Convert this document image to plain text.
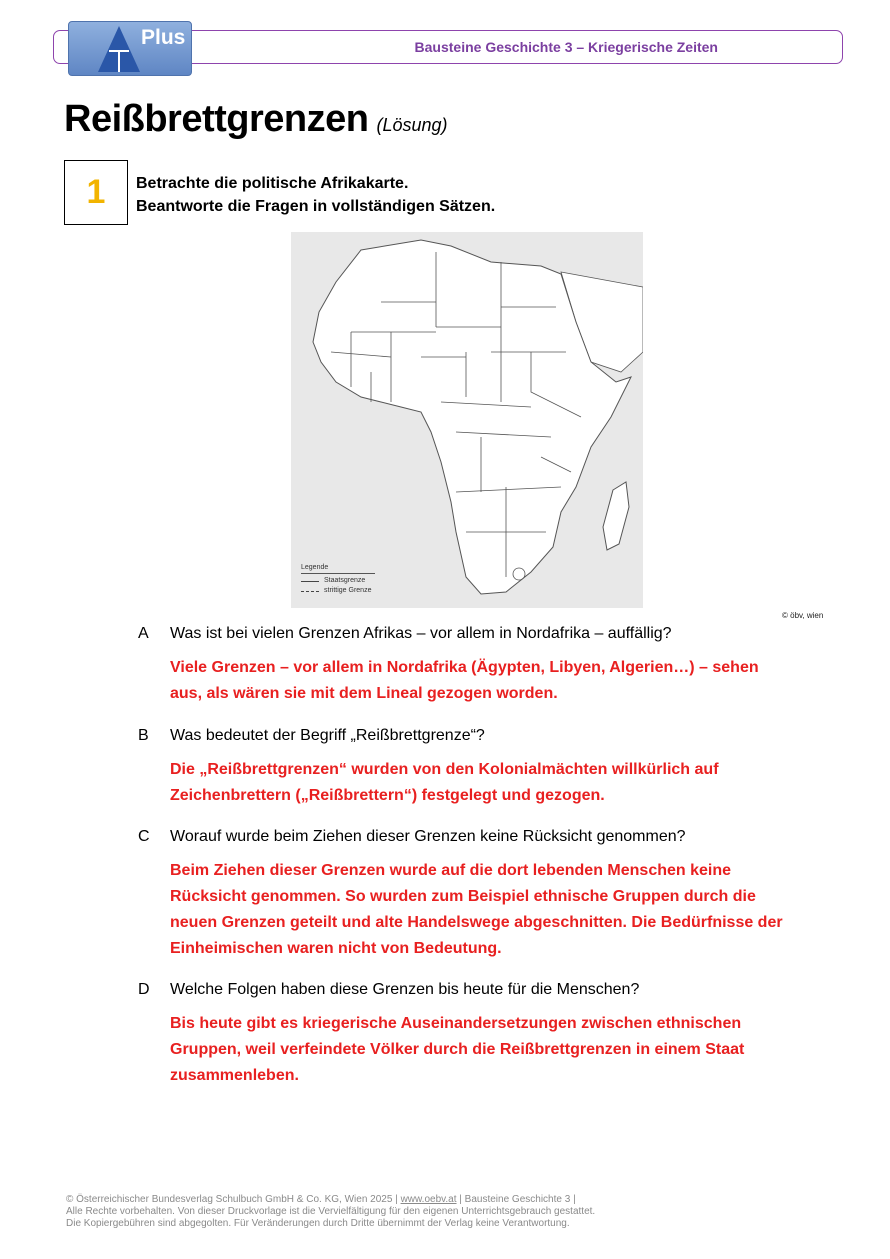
Plus	Bausteine Geschichte 3 – Kriegerische Zeiten
Reißbrettgrenzen (Lösung)
1	Betrachte die politische Afrikakarte.
Beantworte die Fragen in vollständigen Sätzen.
Legende
Staatsgrenze
strittige Grenze
© öbv, wien
A Was ist bei vielen Grenzen Afrikas – vor allem in Nordafrika – auffällig?
Viele Grenzen – vor allem in Nordafrika (Ägypten, Libyen, Algerien…) – sehen
aus, als wären sie mit dem Lineal gezogen worden.
B Was bedeutet der Begriff „Reißbrettgrenze“?
Die „Reißbrettgrenzen“ wurden von den Kolonialmächten willkürlich auf
Zeichenbrettern („Reißbrettern“) festgelegt und gezogen.
C Worauf wurde beim Ziehen dieser Grenzen keine Rücksicht genommen?
Beim Ziehen dieser Grenzen wurde auf die dort lebenden Menschen keine
Rücksicht genommen. So wurden zum Beispiel ethnische Gruppen durch die
neuen Grenzen geteilt und alte Handelswege abgeschnitten. Die Bedürfnisse der
Einheimischen waren nicht von Bedeutung.
D Welche Folgen haben diese Grenzen bis heute für die Menschen?
Bis heute gibt es kriegerische Auseinandersetzungen zwischen ethnischen
Gruppen, weil verfeindete Völker durch die Reißbrettgrenzen in einem Staat
zusammenleben.
© Österreichischer Bundesverlag Schulbuch GmbH & Co. KG, Wien 2025 | www.oebv.at | Bausteine Geschichte 3 |
Alle Rechte vorbehalten. Von dieser Druckvorlage ist die Vervielfältigung für den eigenen Unterrichtsgebrauch gestattet.
Die Kopiergebühren sind abgegolten. Für Veränderungen durch Dritte übernimmt der Verlag keine Verantwortung.
